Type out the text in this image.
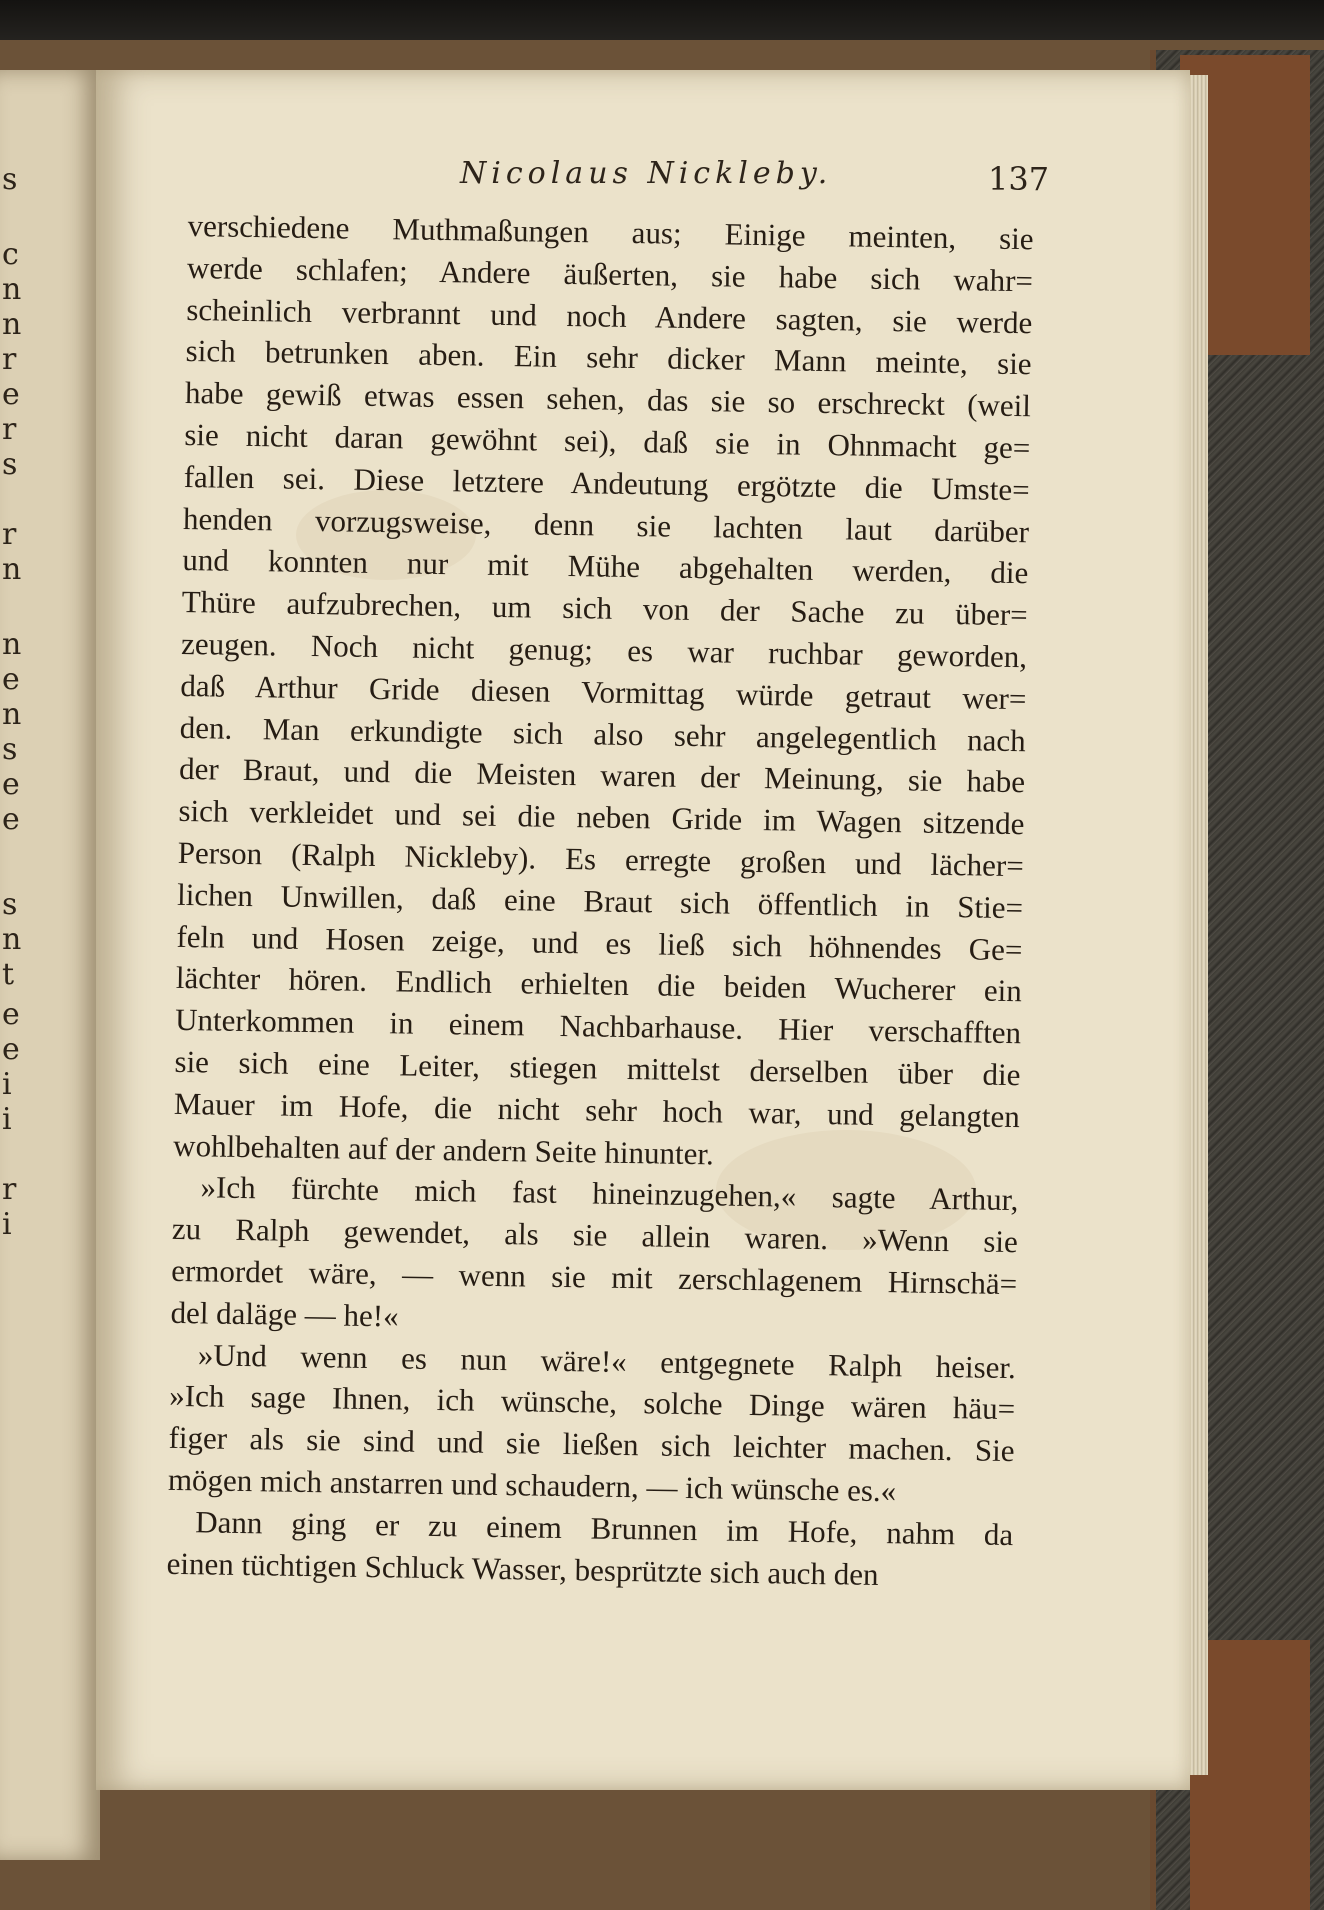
s
c
n
n
r
e
r
s
r
n
n
e
n
s
e
e
s
n
t
e
e
i
i
r
i
Nicolaus Nickleby.	137
verschiedene Muthmaßungen aus; Einige meinten, sie
werde schlafen; Andere äußerten, sie habe sich wahr=
scheinlich verbrannt und noch Andere sagten, sie werde
sich betrunken aben. Ein sehr dicker Mann meinte, sie
habe gewiß etwas essen sehen, das sie so erschreckt (weil
sie nicht daran gewöhnt sei), daß sie in Ohnmacht ge=
fallen sei. Diese letztere Andeutung ergötzte die Umste=
henden vorzugsweise, denn sie lachten laut darüber
und konnten nur mit Mühe abgehalten werden, die
Thüre aufzubrechen, um sich von der Sache zu über=
zeugen. Noch nicht genug; es war ruchbar geworden,
daß Arthur Gride diesen Vormittag würde getraut wer=
den. Man erkundigte sich also sehr angelegentlich nach
der Braut, und die Meisten waren der Meinung, sie habe
sich verkleidet und sei die neben Gride im Wagen sitzende
Person (Ralph Nickleby). Es erregte großen und lächer=
lichen Unwillen, daß eine Braut sich öffentlich in Stie=
feln und Hosen zeige, und es ließ sich höhnendes Ge=
lächter hören. Endlich erhielten die beiden Wucherer ein
Unterkommen in einem Nachbarhause. Hier verschafften
sie sich eine Leiter, stiegen mittelst derselben über die
Mauer im Hofe, die nicht sehr hoch war, und gelangten
wohlbehalten auf der andern Seite hinunter.
»Ich fürchte mich fast hineinzugehen,« sagte Arthur,
zu Ralph gewendet, als sie allein waren. »Wenn sie
ermordet wäre, — wenn sie mit zerschlagenem Hirnschä=
del daläge — he!«
»Und wenn es nun wäre!« entgegnete Ralph heiser.
»Ich sage Ihnen, ich wünsche, solche Dinge wären häu=
figer als sie sind und sie ließen sich leichter machen. Sie
mögen mich anstarren und schaudern, — ich wünsche es.«
Dann ging er zu einem Brunnen im Hofe, nahm da
einen tüchtigen Schluck Wasser, besprützte sich auch den
